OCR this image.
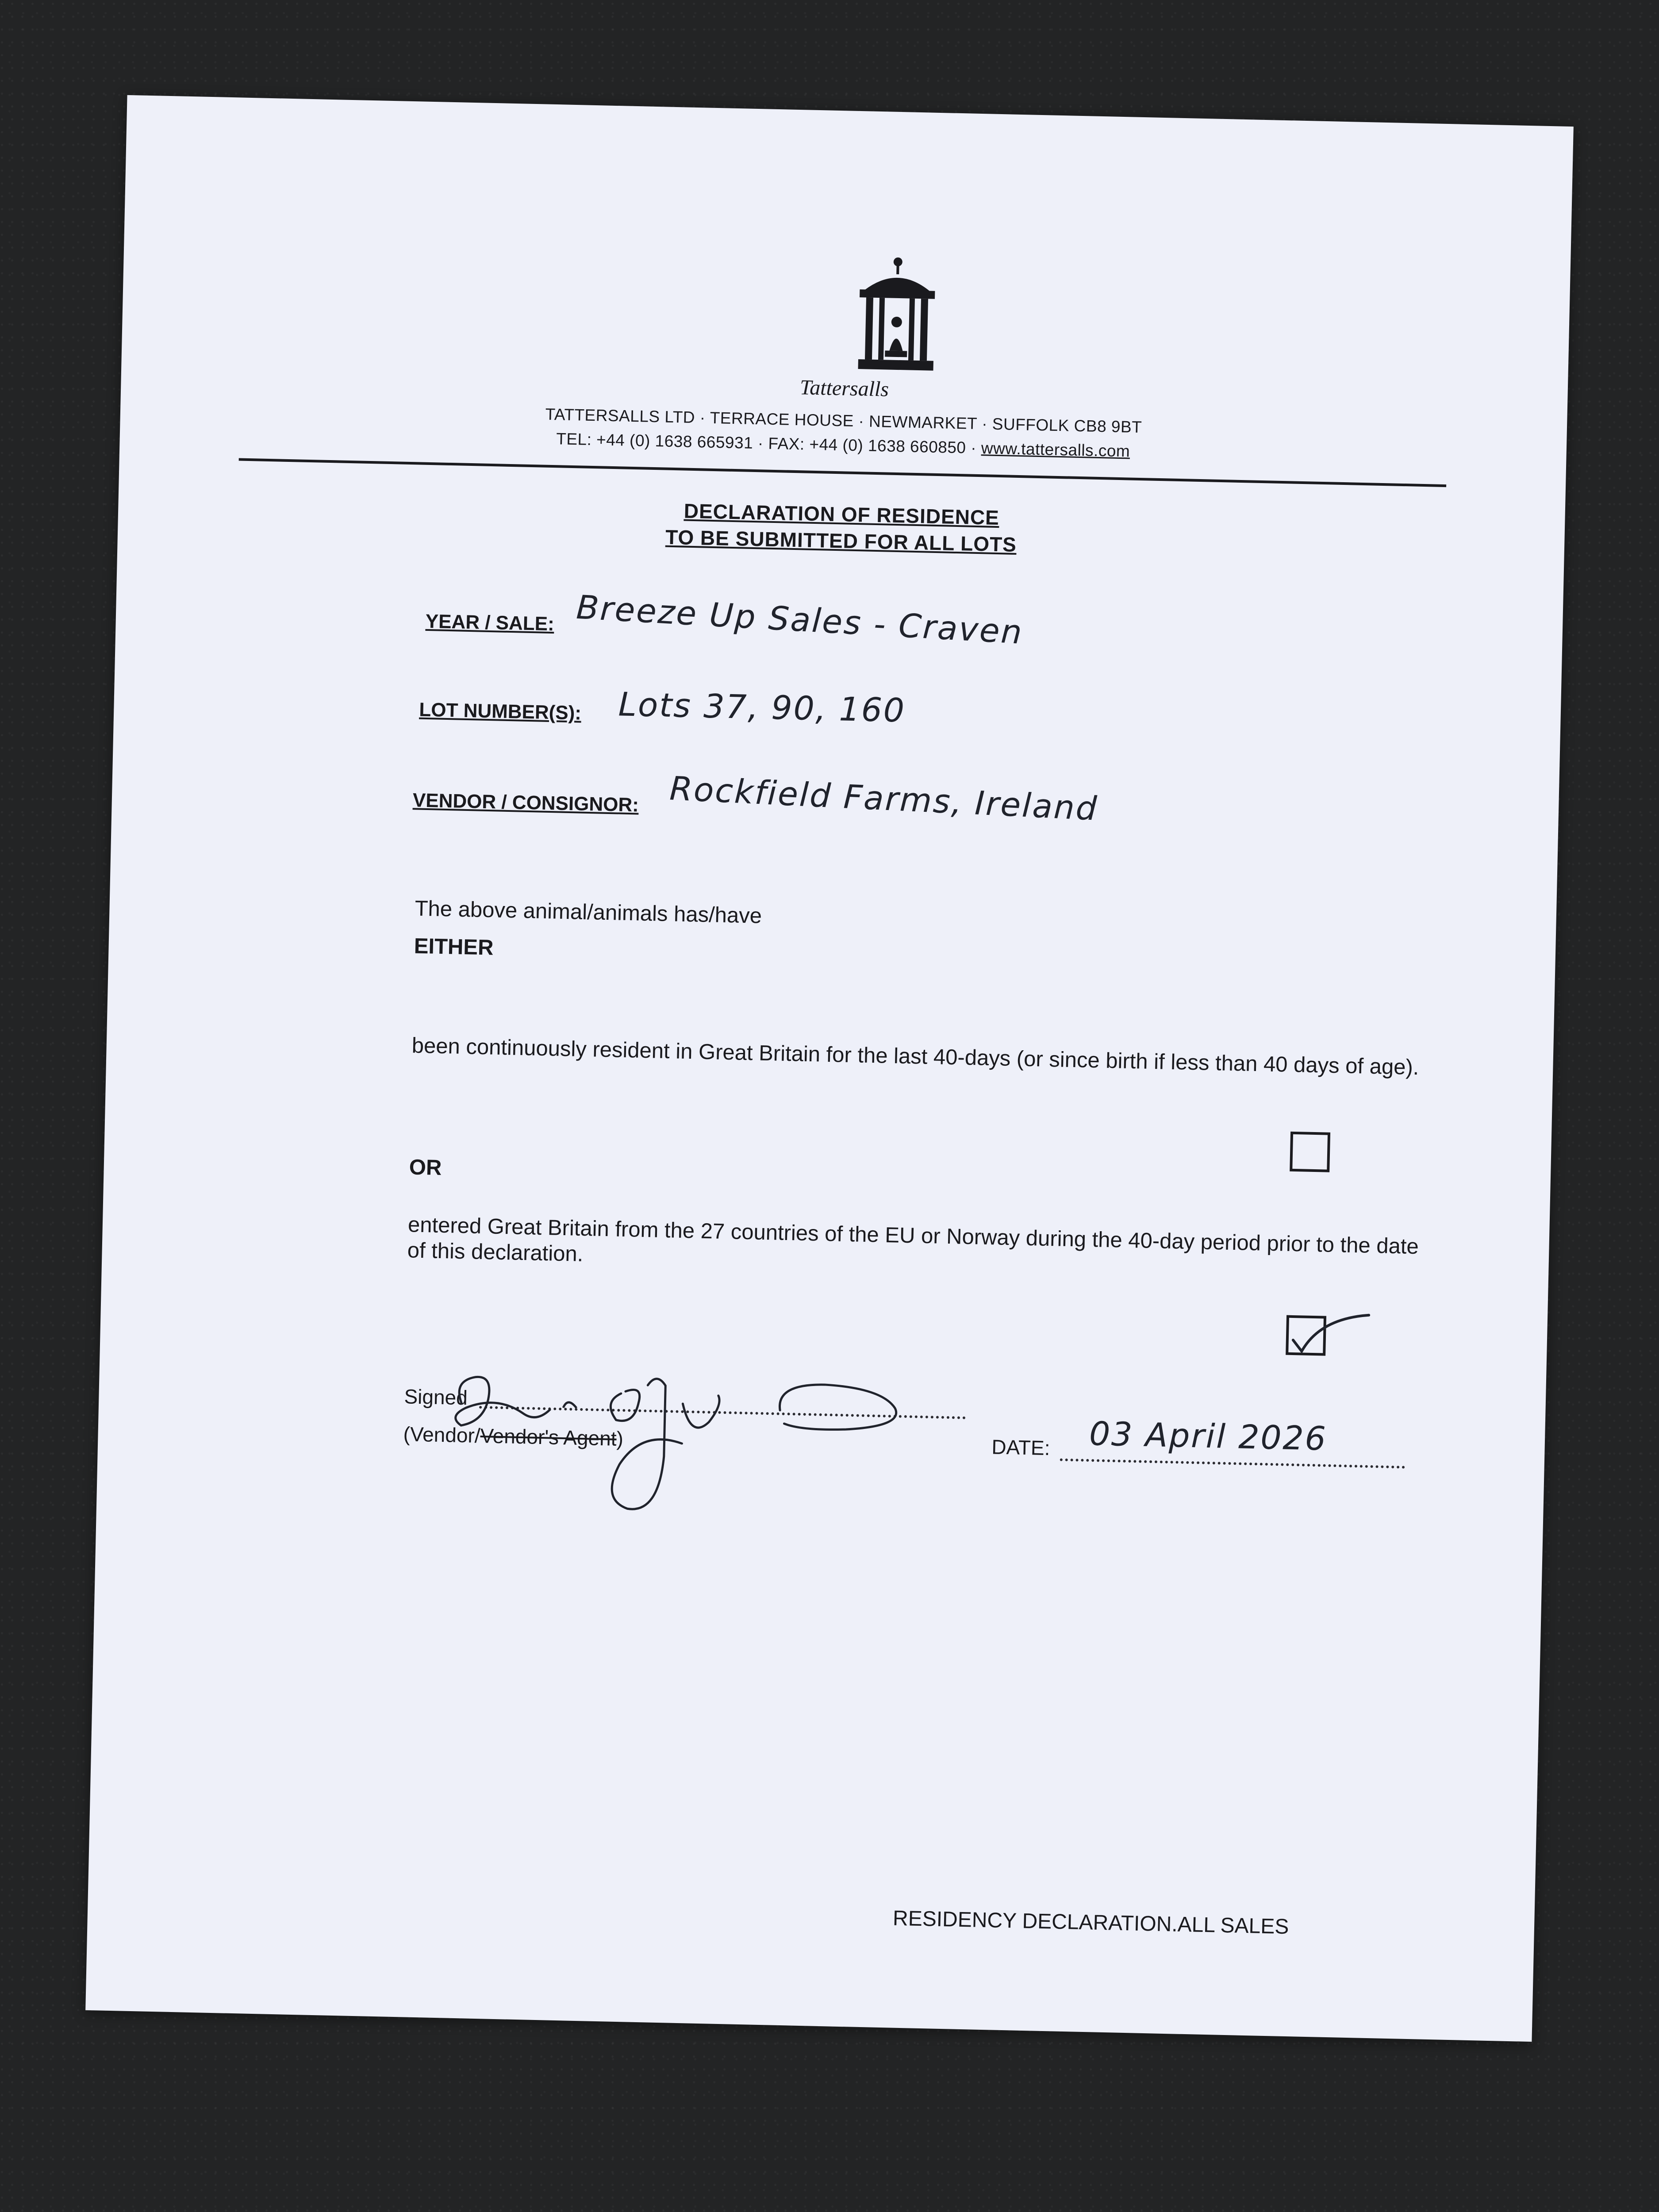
Tattersalls
TATTERSALLS LTD · TERRACE HOUSE · NEWMARKET · SUFFOLK CB8 9BT
TEL: +44 (0) 1638 665931 · FAX: +44 (0) 1638 660850 · www.tattersalls.com
DECLARATION OF RESIDENCE
TO BE SUBMITTED FOR ALL LOTS
YEAR / SALE: Breeze Up Sales - Craven
LOT NUMBER(S): Lots 37, 90, 160
VENDOR / CONSIGNOR: Rockfield Farms, Ireland
The above animal/animals has/have
EITHER
been continuously resident in Great Britain for the last 40-days (or since birth if less than 40 days of age).
OR
entered Great Britain from the 27 countries of the EU or Norway during the 40-day period prior to the date of this declaration.
Signed
(Vendor/Vendor's Agent)	DATE: 03 April 2026
RESIDENCY DECLARATION.ALL SALES
